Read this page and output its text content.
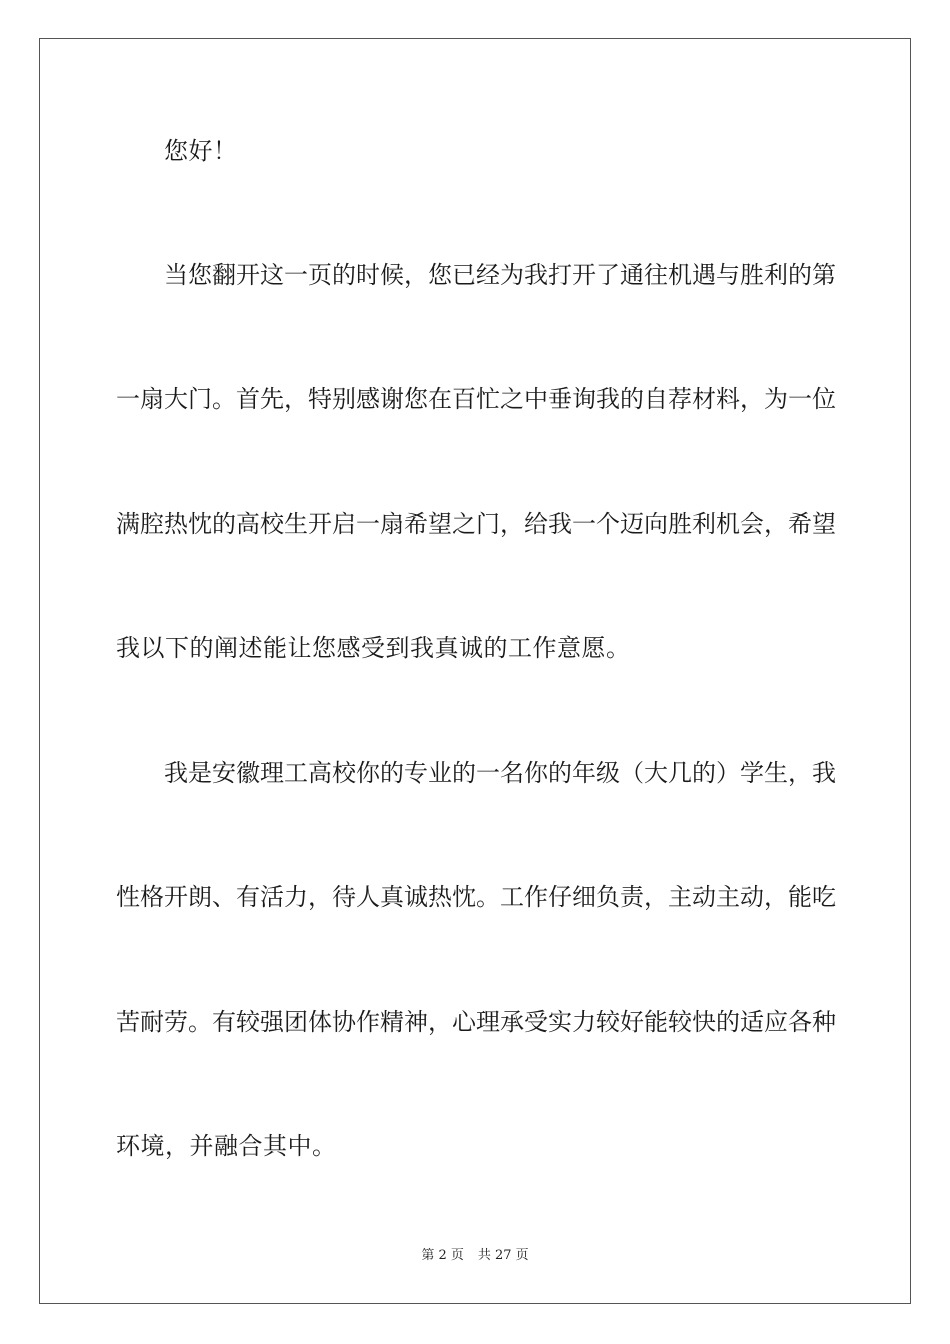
您好！
当您翻开这一页的时候，您已经为我打开了通往机遇与胜利的第
一扇大门。首先，特别感谢您在百忙之中垂询我的自荐材料，为一位
满腔热忱的高校生开启一扇希望之门，给我一个迈向胜利机会，希望
我以下的阐述能让您感受到我真诚的工作意愿。
我是安徽理工高校你的专业的一名你的年级（大几的）学生，我
性格开朗、有活力，待人真诚热忱。工作仔细负责，主动主动，能吃
苦耐劳。有较强团体协作精神，心理承受实力较好能较快的适应各种
环境，并融合其中。
第 2 页 共 27 页
